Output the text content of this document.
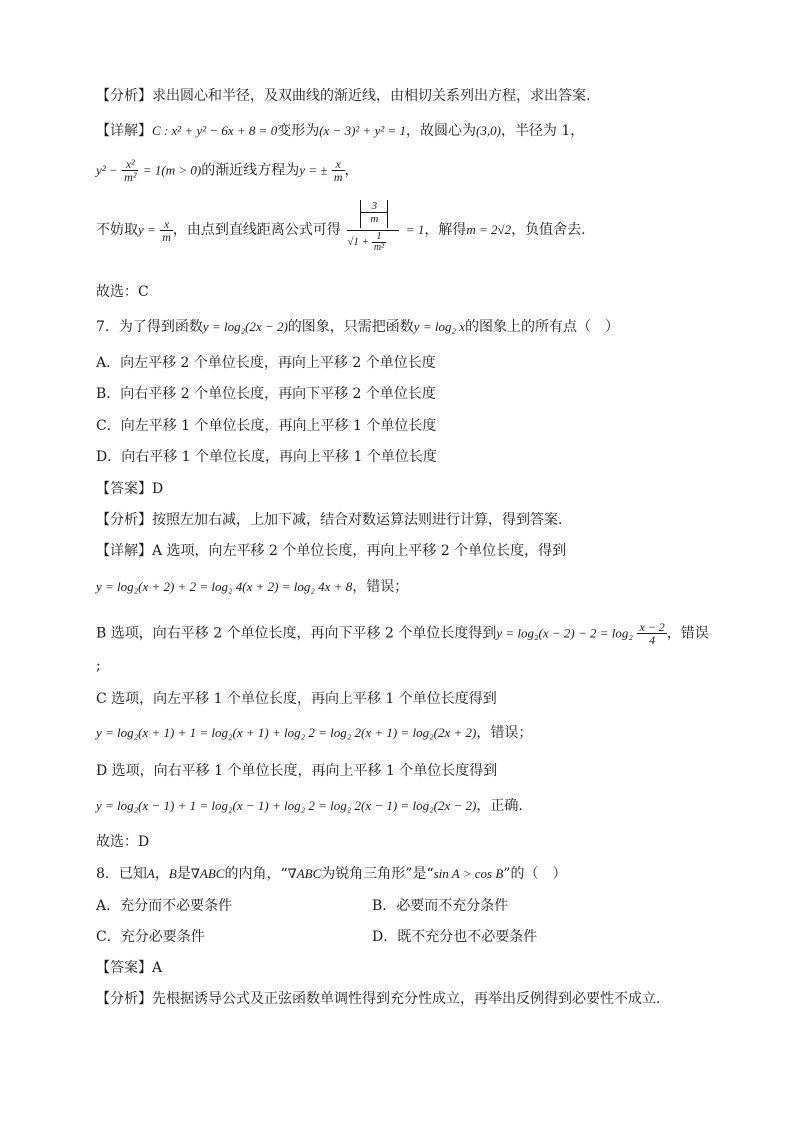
【分析】求出圆心和半径，及双曲线的渐近线，由相切关系列出方程，求出答案.
【详解】C : x² + y² − 6x + 8 = 0变形为(x − 3)² + y² = 1，故圆心为(3,0)，半径为 1，
$y^2 - \frac{\text{x²}}{\text{m²}} = 1(m > 0)$的渐近线方程为y = ± $\frac{x}{m}$ ，
不妨取$y = \frac{x}{m}$ ，由点到直线距离公式可得 $\frac{\frac{3}{m}}{√1 + \frac{1}{\text{m²}}} = 1$，解得m = 2√2，负值舍去.
故选：C
7．为了得到函数y = log₂(2x − 2)的图象，只需把函数y = log₂ x的图象上的所有点（　）
A．向左平移 2 个单位长度，再向上平移 2 个单位长度
B．向右平移 2 个单位长度，再向下平移 2 个单位长度
C．向左平移 1 个单位长度，再向上平移 1 个单位长度
D．向右平移 1 个单位长度，再向上平移 1 个单位长度
【答案】D
【分析】按照左加右减，上加下减，结合对数运算法则进行计算，得到答案.
【详解】A 选项，向左平移 2 个单位长度，再向上平移 2 个单位长度，得到
y = log₂(x + 2) + 2 = log₂ 4(x + 2) = log₂ 4x + 8，错误；
B 选项，向右平移 2 个单位长度，再向下平移 2 个单位长度得到$y = \log_2(x - 2) - 2 = \log_2 \frac{x - 2}{4}$ ，错误
;
C 选项，向左平移 1 个单位长度，再向上平移 1 个单位长度得到
y = log₂(x + 1) + 1 = log₂(x + 1) + log₂ 2 = log₂ 2(x + 1) = log₂(2x + 2)，错误；
D 选项，向右平移 1 个单位长度，再向上平移 1 个单位长度得到
y = log₂(x − 1) + 1 = log₂(x − 1) + log₂ 2 = log₂ 2(x − 1) = log₂(2x − 2)，正确.
故选：D
8．已知A，B是∇ABC的内角，“∇ABC为锐角三角形”是“sin A > cos B”的（　）
A．充分而不必要条件	B．必要而不充分条件
C．充分必要条件	D．既不充分也不必要条件
【答案】A
【分析】先根据诱导公式及正弦函数单调性得到充分性成立，再举出反例得到必要性不成立.
